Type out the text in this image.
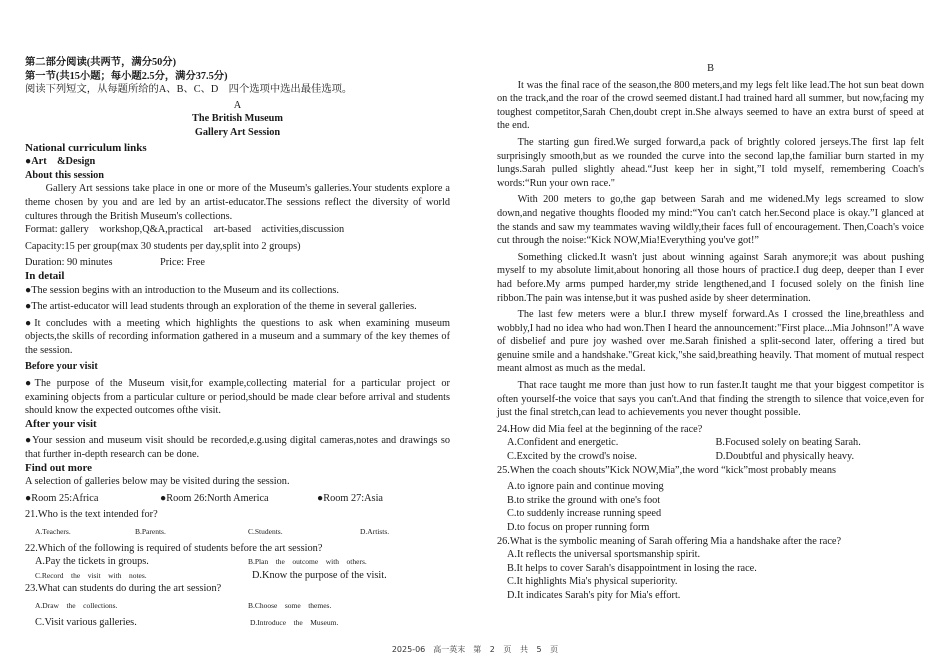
第二部分阅读(共两节，满分50分)

第一节(共15小题；每小题2.5分，满分37.5分)

阅读下列短文，从每题所给的A、B、C、D　四个选项中选出最佳选项。

A

The British Museum

Gallery Art Session

National curriculum links

●Art　&Design

About this session

Gallery Art sessions take place in one or more of the Museum's galleries.Your students explore a theme chosen by you and are led by an artist-educator.The sessions reflect the diversity of world cultures through the British Museum's collections.

Format: gallery　workshop,Q&A,practical　art-based　activities,discussion

Capacity:15 per group(max 30 students per day,split into 2 groups)

Duration: 90 minutes	Price: Free

In detail

●The session begins with an introduction to the Museum and its collections.

●The artist-educator will lead students through an exploration of the theme in several galleries.

●It concludes with a meeting which highlights the questions to ask when examining museum objects,the skills of recording information gathered in a museum and a summary of the key themes of the session.

Before your visit

●The purpose of the Museum visit,for example,collecting material for a particular project or examining objects from a particular culture or period,should be made clear before arrival and students should know the expected outcomes ofthe visit.

After your visit

●Your session and museum visit should be recorded,e.g.using digital cameras,notes and drawings so that further in-depth research can be done.

Find out more

A selection of galleries below may be visited during the session.

●Room 25:Africa	●Room 26:North America	●Room 27:Asia

21.Who is the text intended for?

A.Teachers.	B.Parents.	C.Students.	D.Artists.

22.Which of the following is required of students before the art session?

A.Pay the tickets in groups.	B.Plan　the　outcome　with　others.
C.Record　the　visit　with　notes.	D.Know the purpose of the visit.

23.What can students do during the art session?

A.Draw　the　collections.	B.Choose　some　themes.
C.Visit various galleries.	D.Introduce　the　Museum.

B

It was the final race of the season,the 800 meters,and my legs felt like lead.The hot sun beat down on the track,and the roar of the crowd seemed distant.I had trained hard all summer, but now,facing my toughest competitor,Sarah Chen,doubt crept in.She always seemed to have an extra burst of speed at the end.

The starting gun fired.We surged forward,a pack of brightly colored jerseys.The first lap felt surprisingly smooth,but as we rounded the curve into the second lap,the familiar burn started in my lungs.Sarah pulled slightly ahead.“Just keep her in sight,”I told myself, remembering Coach's words:“Run your own race."

With 200 meters to go,the gap between Sarah and me widened.My legs screamed to slow down,and negative thoughts flooded my mind:“You can't catch her.Second place is okay.”I glanced at the stands and saw my teammates waving wildly,their faces full of encouragement. Then,Coach's voice cut through the noise:“Kick NOW,Mia!Everything you've got!”

Something clicked.It wasn't just about winning against Sarah anymore;it was about pushing myself to my absolute limit,about honoring all those hours of practice.I dug deep, deeper than I ever had before.My arms pumped harder,my stride lengthened,and I focused solely on the finish line ribbon.The pain was intense,but it was pushed aside by sheer determination.

The last few meters were a blur.I threw myself forward.As I crossed the line,breathless and wobbly,I had no idea who had won.Then I heard the announcement:"First place...Mia Johnson!"A wave of disbelief and pure joy washed over me.Sarah finished a split-second later, offering a tired but genuine smile and a handshake."Great kick,"she said,breathing heavily. That moment of mutual respect meant almost as much as the medal.

That race taught me more than just how to run faster.It taught me that your biggest competitor is often yourself-the voice that says you can't.And that finding the strength to silence that voice,even for just the final stretch,can lead to achievements you never thought possible.

24.How did Mia feel at the beginning of the race?

A.Confident and energetic.	B.Focused solely on beating Sarah.
C.Excited by the crowd's noise.	D.Doubtful and physically heavy.

25.When the coach shouts”Kick NOW,Mia”,the word “kick”most probably means

A.to ignore pain and continue moving

B.to strike the ground with one's foot

C.to suddenly increase running speed

D.to focus on proper running form

26.What is the symbolic meaning of Sarah offering Mia a handshake after the race?

A.It reflects the universal sportsmanship spirit.

B.It helps to cover Sarah's disappointment in losing the race.

C.It highlights Mia's physical superiority.

D.It indicates Sarah's pity for Mia's effort.

2025-06　高一英末　第 2 页 共 5 页
